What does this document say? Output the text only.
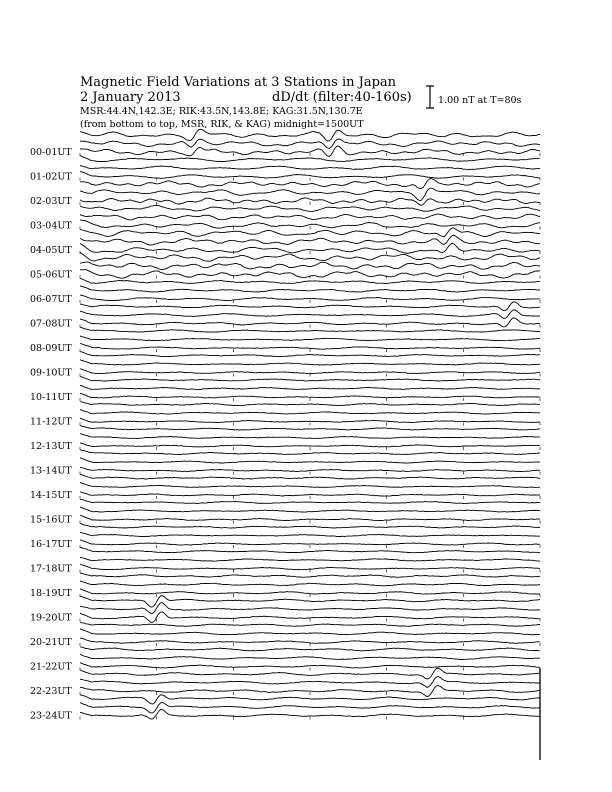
Magnetic Field Variations at 3 Stations in Japan
2 January 2013	dD/dt (filter:40-160s)
MSR:44.4N,142.3E; RIK:43.5N,143.8E; KAG:31.5N,130.7E
(from bottom to top, MSR, RIK, & KAG) midnight=1500UT
1.00 nT at T=80s
00-01UT
01-02UT
02-03UT
03-04UT
04-05UT
05-06UT
06-07UT
07-08UT
08-09UT
09-10UT
10-11UT
11-12UT
12-13UT
13-14UT
14-15UT
15-16UT
16-17UT
17-18UT
18-19UT
19-20UT
20-21UT
21-22UT
22-23UT
23-24UT
